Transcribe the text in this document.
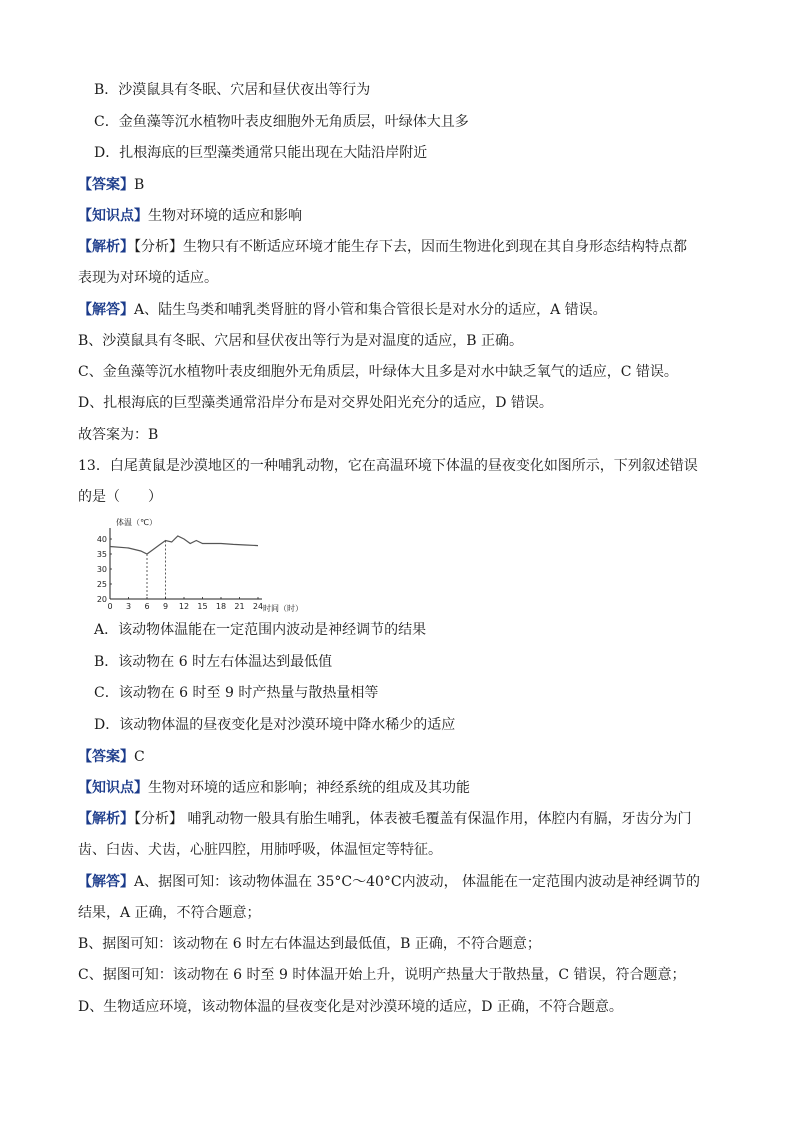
B．沙漠鼠具有冬眠、穴居和昼伏夜出等行为
C．金鱼藻等沉水植物叶表皮细胞外无角质层，叶绿体大且多
D．扎根海底的巨型藻类通常只能出现在大陆沿岸附近
【答案】B
【知识点】生物对环境的适应和影响
【解析】【分析】生物只有不断适应环境才能生存下去，因而生物进化到现在其自身形态结构特点都
表现为对环境的适应。
【解答】A、陆生鸟类和哺乳类肾脏的肾小管和集合管很长是对水分的适应，A 错误。
B、沙漠鼠具有冬眠、穴居和昼伏夜出等行为是对温度的适应，B 正确。
C、金鱼藻等沉水植物叶表皮细胞外无角质层，叶绿体大且多是对水中缺乏氧气的适应，C 错误。
D、扎根海底的巨型藻类通常沿岸分布是对交界处阳光充分的适应，D 错误。
故答案为：B
13．白尾黄鼠是沙漠地区的一种哺乳动物，它在高温环境下体温的昼夜变化如图所示，下列叙述错误
的是（　　）
体温（℃）
时间（时）
0 3 6 9 12 15 18 21 24
40
35
30
25
20
A．该动物体温能在一定范围内波动是神经调节的结果
B．该动物在 6 时左右体温达到最低值
C．该动物在 6 时至 9 时产热量与散热量相等
D．该动物体温的昼夜变化是对沙漠环境中降水稀少的适应
【答案】C
【知识点】生物对环境的适应和影响；神经系统的组成及其功能
【解析】【分析】 哺乳动物一般具有胎生哺乳，体表被毛覆盖有保温作用，体腔内有膈，牙齿分为门
齿、臼齿、犬齿，心脏四腔，用肺呼吸，体温恒定等特征。
【解答】A、据图可知：该动物体温在 35°C～40°C内波动， 体温能在一定范围内波动是神经调节的
结果，A 正确，不符合题意；
B、据图可知：该动物在 6 时左右体温达到最低值，B 正确，不符合题意；
C、据图可知：该动物在 6 时至 9 时体温开始上升，说明产热量大于散热量，C 错误，符合题意；
D、生物适应环境，该动物体温的昼夜变化是对沙漠环境的适应，D 正确，不符合题意。
